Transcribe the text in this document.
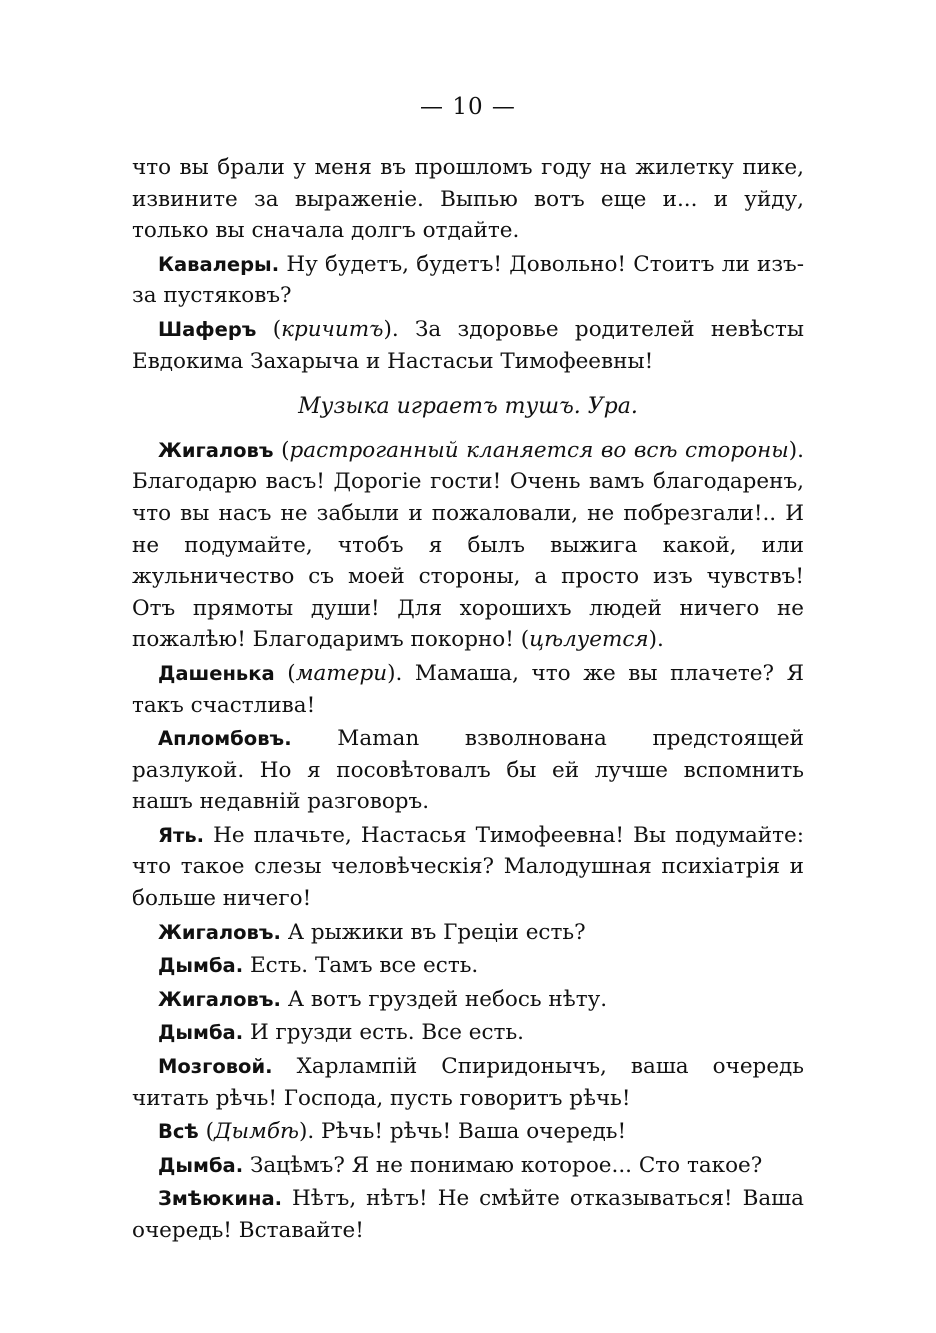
— 10 —

что вы брали у меня въ прошломъ году на жилетку пике, извините за выраженіе. Выпью вотъ еще и... и уйду, только вы сначала долгъ отдайте.

Кавалеры. Ну будетъ, будетъ! Довольно! Стоитъ ли изъ-за пустяковъ?

Шаферъ (кричитъ). За здоровье родителей невѣсты Евдокима Захарыча и Настасьи Тимофеевны!

Музыка играетъ тушъ. Ура.

Жигаловъ (растроганный кланяется во всѣ стороны). Благодарю васъ! Дорогіе гости! Очень вамъ благодаренъ, что вы насъ не забыли и пожаловали, не побрезгали!.. И не подумайте, чтобъ я былъ выжига какой, или жульничество съ моей стороны, а просто изъ чувствъ! Отъ прямоты души! Для хорошихъ людей ничего не пожалѣю! Благодаримъ покорно! (цѣлуется).

Дашенька (матери). Мамаша, что же вы плачете? Я такъ счастлива!

Апломбовъ. Maman взволнована предстоящей разлукой. Но я посовѣтовалъ бы ей лучше вспомнить нашъ недавній разговоръ.

Ять. Не плачьте, Настасья Тимофеевна! Вы подумайте: что такое слезы человѣческія? Малодушная психіатрія и больше ничего!

Жигаловъ. А рыжики въ Греціи есть?

Дымба. Есть. Тамъ все есть.

Жигаловъ. А вотъ груздей небось нѣту.

Дымба. И грузди есть. Все есть.

Мозговой. Харлампій Спиридонычъ, ваша очередь читать рѣчь! Господа, пусть говоритъ рѣчь!

Всѣ (Дымбѣ). Рѣчь! рѣчь! Ваша очередь!

Дымба. Зацѣмъ? Я не понимаю которое... Сто такое?

Змѣюкина. Нѣтъ, нѣтъ! Не смѣйте отказываться! Ваша очередь! Вставайте!
